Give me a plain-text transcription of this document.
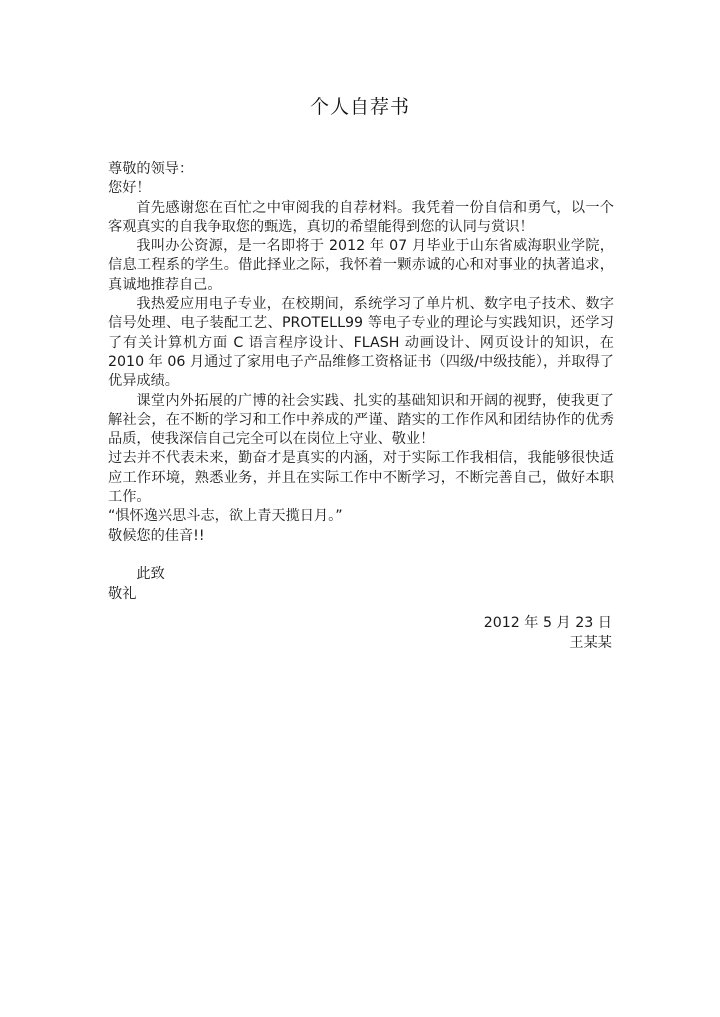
个人自荐书
尊敬的领导：
您好！
首先感谢您在百忙之中审阅我的自荐材料。我凭着一份自信和勇气，以一个客观真实的自我争取您的甄选，真切的希望能得到您的认同与赏识！
我叫办公资源，是一名即将于 2012 年 07 月毕业于山东省威海职业学院，信息工程系的学生。借此择业之际，我怀着一颗赤诚的心和对事业的执著追求，真诚地推荐自己。
我热爱应用电子专业，在校期间，系统学习了单片机、数字电子技术、数字信号处理、电子装配工艺、PROTELL99 等电子专业的理论与实践知识，还学习了有关计算机方面 C 语言程序设计、FLASH 动画设计、网页设计的知识，在 2010 年 06 月通过了家用电子产品维修工资格证书（四级/中级技能），并取得了优异成绩。
课堂内外拓展的广博的社会实践、扎实的基础知识和开阔的视野，使我更了解社会，在不断的学习和工作中养成的严谨、踏实的工作作风和团结协作的优秀品质，使我深信自己完全可以在岗位上守业、敬业！
过去并不代表未来，勤奋才是真实的内涵，对于实际工作我相信，我能够很快适应工作环境，熟悉业务，并且在实际工作中不断学习，不断完善自己，做好本职工作。
“惧怀逸兴思斗志，欲上青天揽日月。”
敬候您的佳音!!
此致
敬礼
2012 年 5 月 23 日
王某某
